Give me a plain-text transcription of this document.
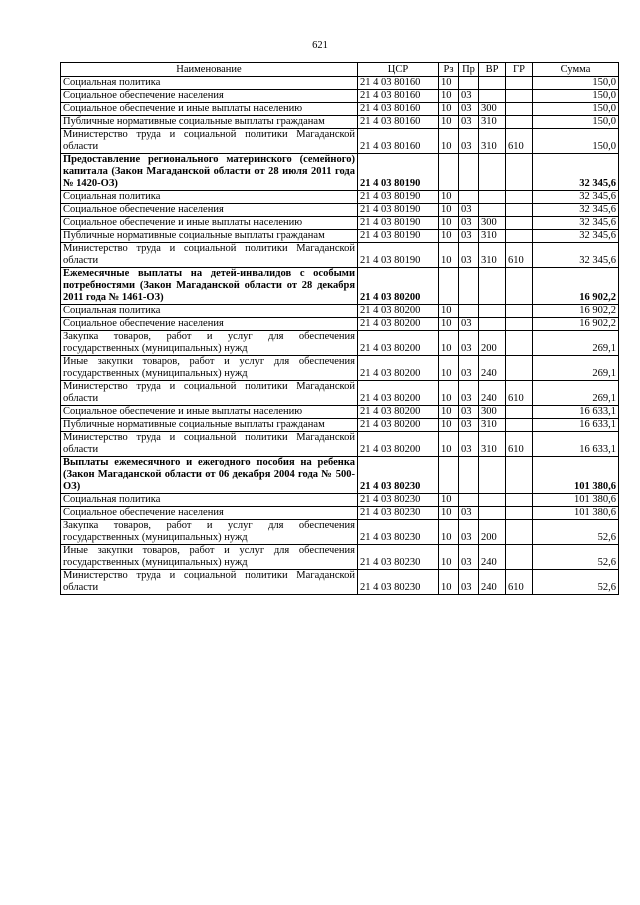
621
Наименование	ЦСР	Рз	Пр	ВР	ГР	Сумма
Социальная политика	21 4 03 80160	10				150,0
Социальное обеспечение населения	21 4 03 80160	10	03			150,0
Социальное обеспечение и иные выплаты населению	21 4 03 80160	10	03	300		150,0
Публичные нормативные социальные выплаты гражданам	21 4 03 80160	10	03	310		150,0
Министерство труда и социальной политики Магаданской области	21 4 03 80160	10	03	310	610	150,0
Предоставление регионального материнского (семейного) капитала (Закон Магаданской области от 28 июля 2011 года № 1420-ОЗ)	21 4 03 80190					32 345,6
Социальная политика	21 4 03 80190	10				32 345,6
Социальное обеспечение населения	21 4 03 80190	10	03			32 345,6
Социальное обеспечение и иные выплаты населению	21 4 03 80190	10	03	300		32 345,6
Публичные нормативные социальные выплаты гражданам	21 4 03 80190	10	03	310		32 345,6
Министерство труда и социальной политики Магаданской области	21 4 03 80190	10	03	310	610	32 345,6
Ежемесячные выплаты на детей-инвалидов с особыми потребностями (Закон Магаданской области от 28 декабря 2011 года № 1461-ОЗ)	21 4 03 80200					16 902,2
Социальная политика	21 4 03 80200	10				16 902,2
Социальное обеспечение населения	21 4 03 80200	10	03			16 902,2
Закупка товаров, работ и услуг для обеспечения государственных (муниципальных) нужд	21 4 03 80200	10	03	200		269,1
Иные закупки товаров, работ и услуг для обеспечения государственных (муниципальных) нужд	21 4 03 80200	10	03	240		269,1
Министерство труда и социальной политики Магаданской области	21 4 03 80200	10	03	240	610	269,1
Социальное обеспечение и иные выплаты населению	21 4 03 80200	10	03	300		16 633,1
Публичные нормативные социальные выплаты гражданам	21 4 03 80200	10	03	310		16 633,1
Министерство труда и социальной политики Магаданской области	21 4 03 80200	10	03	310	610	16 633,1
Выплаты ежемесячного и ежегодного пособия на ребенка (Закон Магаданской области от 06 декабря 2004 года № 500-ОЗ)	21 4 03 80230					101 380,6
Социальная политика	21 4 03 80230	10				101 380,6
Социальное обеспечение населения	21 4 03 80230	10	03			101 380,6
Закупка товаров, работ и услуг для обеспечения государственных (муниципальных) нужд	21 4 03 80230	10	03	200		52,6
Иные закупки товаров, работ и услуг для обеспечения государственных (муниципальных) нужд	21 4 03 80230	10	03	240		52,6
Министерство труда и социальной политики Магаданской области	21 4 03 80230	10	03	240	610	52,6
